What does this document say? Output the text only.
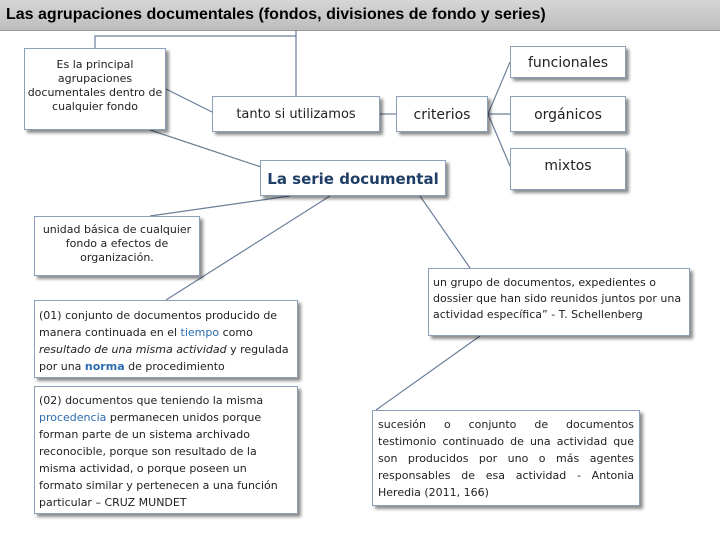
Las agrupaciones documentales (fondos, divisiones de fondo y series)
Es la principal agrupaciones documentales dentro de cualquier fondo
tanto si utilizamos	criterios
funcionales
orgánicos
mixtos
La serie documental
unidad básica de cualquier fondo a efectos de organización.
(01) conjunto de documentos producido de manera continuada en el tiempo como resultado de una misma actividad y regulada por una norma de procedimiento
(02) documentos que teniendo la misma procedencia permanecen unidos porque forman parte de un sistema archivado reconocible, porque son resultado de la misma actividad, o porque poseen un formato similar y pertenecen a una función particular – CRUZ MUNDET
un grupo de documentos, expedientes o dossier que han sido reunidos juntos por una actividad específica” - T. Schellenberg
sucesión o conjunto de documentos testimonio continuado de una actividad que son producidos por uno o más agentes responsables de esa actividad - Antonia Heredia (2011, 166)
